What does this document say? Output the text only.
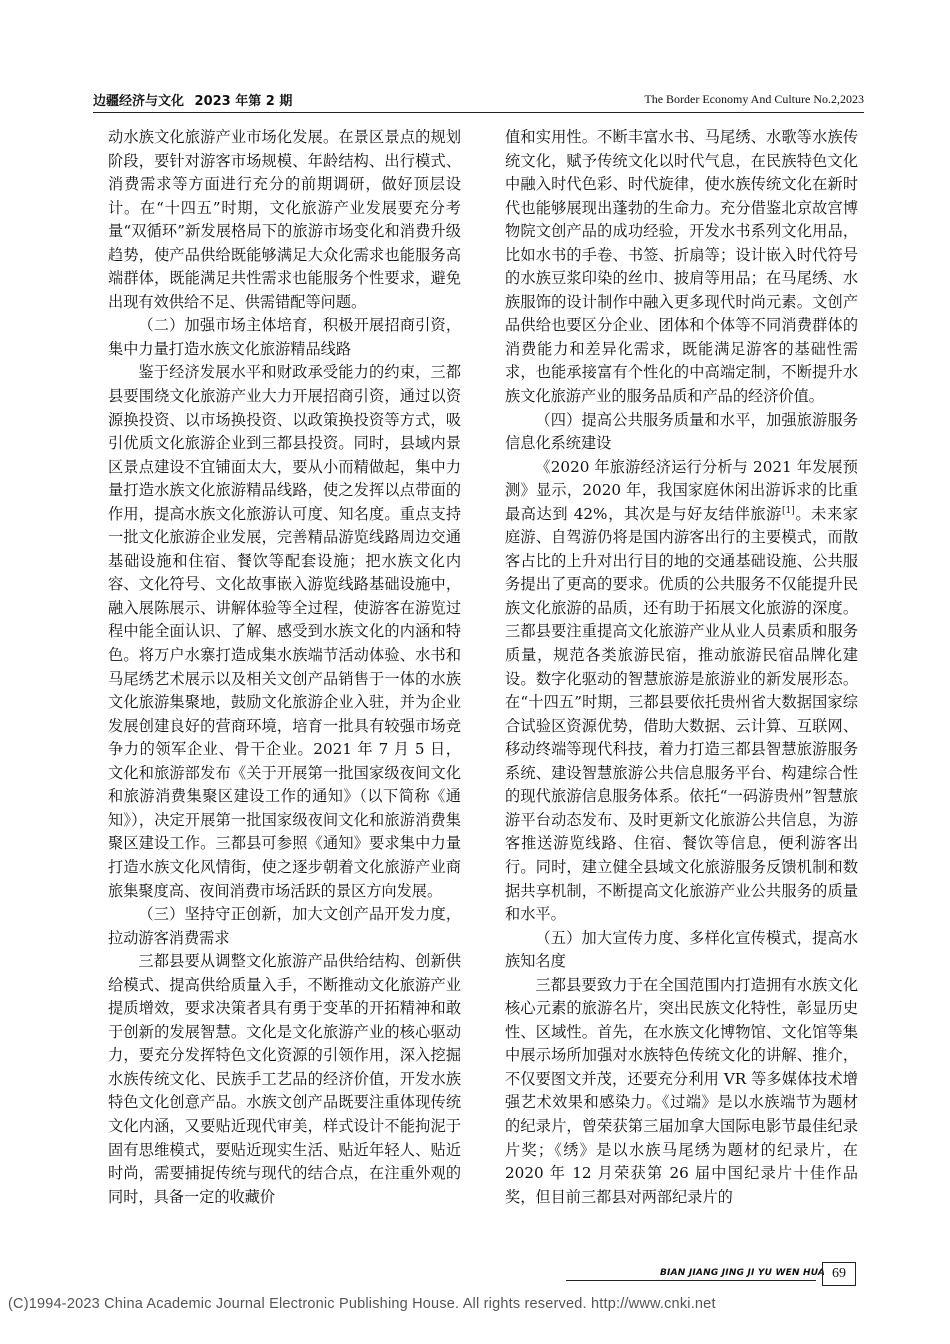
边疆经济与文化 2023 年第 2 期	The Border Economy And Culture No.2,2023

动水族文化旅游产业市场化发展。在景区景点的规划阶段，要针对游客市场规模、年龄结构、出行模式、消费需求等方面进行充分的前期调研，做好顶层设计。在“十四五”时期，文化旅游产业发展要充分考量“双循环”新发展格局下的旅游市场变化和消费升级趋势，使产品供给既能够满足大众化需求也能服务高端群体，既能满足共性需求也能服务个性要求，避免出现有效供给不足、供需错配等问题。

（二）加强市场主体培育，积极开展招商引资，集中力量打造水族文化旅游精品线路

鉴于经济发展水平和财政承受能力的约束，三都县要围绕文化旅游产业大力开展招商引资，通过以资源换投资、以市场换投资、以政策换投资等方式，吸引优质文化旅游企业到三都县投资。同时，县域内景区景点建设不宜铺面太大，要从小而精做起，集中力量打造水族文化旅游精品线路，使之发挥以点带面的作用，提高水族文化旅游认可度、知名度。重点支持一批文化旅游企业发展，完善精品游览线路周边交通基础设施和住宿、餐饮等配套设施；把水族文化内容、文化符号、文化故事嵌入游览线路基础设施中，融入展陈展示、讲解体验等全过程，使游客在游览过程中能全面认识、了解、感受到水族文化的内涵和特色。将万户水寨打造成集水族端节活动体验、水书和马尾绣艺术展示以及相关文创产品销售于一体的水族文化旅游集聚地，鼓励文化旅游企业入驻，并为企业发展创建良好的营商环境，培育一批具有较强市场竞争力的领军企业、骨干企业。2021 年 7 月 5 日，文化和旅游部发布《关于开展第一批国家级夜间文化和旅游消费集聚区建设工作的通知》（以下简称《通知》），决定开展第一批国家级夜间文化和旅游消费集聚区建设工作。三都县可参照《通知》要求集中力量打造水族文化风情街，使之逐步朝着文化旅游产业商旅集聚度高、夜间消费市场活跃的景区方向发展。

（三）坚持守正创新，加大文创产品开发力度，拉动游客消费需求

三都县要从调整文化旅游产品供给结构、创新供给模式、提高供给质量入手，不断推动文化旅游产业提质增效，要求决策者具有勇于变革的开拓精神和敢于创新的发展智慧。文化是文化旅游产业的核心驱动力，要充分发挥特色文化资源的引领作用，深入挖掘水族传统文化、民族手工艺品的经济价值，开发水族特色文化创意产品。水族文创产品既要注重体现传统文化内涵，又要贴近现代审美，样式设计不能拘泥于固有思维模式，要贴近现实生活、贴近年轻人、贴近时尚，需要捕捉传统与现代的结合点，在注重外观的同时，具备一定的收藏价

值和实用性。不断丰富水书、马尾绣、水歌等水族传统文化，赋予传统文化以时代气息，在民族特色文化中融入时代色彩、时代旋律，使水族传统文化在新时代也能够展现出蓬勃的生命力。充分借鉴北京故宫博物院文创产品的成功经验，开发水书系列文化用品，比如水书的手卷、书签、折扇等；设计嵌入时代符号的水族豆浆印染的丝巾、披肩等用品；在马尾绣、水族服饰的设计制作中融入更多现代时尚元素。文创产品供给也要区分企业、团体和个体等不同消费群体的消费能力和差异化需求，既能满足游客的基础性需求，也能承接富有个性化的中高端定制，不断提升水族文化旅游产业的服务品质和产品的经济价值。

（四）提高公共服务质量和水平，加强旅游服务信息化系统建设

《2020 年旅游经济运行分析与 2021 年发展预测》显示，2020 年，我国家庭休闲出游诉求的比重最高达到 42%，其次是与好友结伴旅游[1]。未来家庭游、自驾游仍将是国内游客出行的主要模式，而散客占比的上升对出行目的地的交通基础设施、公共服务提出了更高的要求。优质的公共服务不仅能提升民族文化旅游的品质，还有助于拓展文化旅游的深度。三都县要注重提高文化旅游产业从业人员素质和服务质量，规范各类旅游民宿，推动旅游民宿品牌化建设。数字化驱动的智慧旅游是旅游业的新发展形态。在“十四五”时期，三都县要依托贵州省大数据国家综合试验区资源优势，借助大数据、云计算、互联网、移动终端等现代科技，着力打造三都县智慧旅游服务系统、建设智慧旅游公共信息服务平台、构建综合性的现代旅游信息服务体系。依托“一码游贵州”智慧旅游平台动态发布、及时更新文化旅游公共信息，为游客推送游览线路、住宿、餐饮等信息，便利游客出行。同时，建立健全县域文化旅游服务反馈机制和数据共享机制，不断提高文化旅游产业公共服务的质量和水平。

（五）加大宣传力度、多样化宣传模式，提高水族知名度

三都县要致力于在全国范围内打造拥有水族文化核心元素的旅游名片，突出民族文化特性，彰显历史性、区域性。首先，在水族文化博物馆、文化馆等集中展示场所加强对水族特色传统文化的讲解、推介，不仅要图文并茂，还要充分利用 VR 等多媒体技术增强艺术效果和感染力。《过端》是以水族端节为题材的纪录片，曾荣获第三届加拿大国际电影节最佳纪录片奖；《绣》是以水族马尾绣为题材的纪录片，在 2020 年 12 月荣获第 26 届中国纪录片十佳作品奖，但目前三都县对两部纪录片的

BIAN JIANG JING JI YU WEN HUA 69
(C)1994-2023 China Academic Journal Electronic Publishing House. All rights reserved. http://www.cnki.net
